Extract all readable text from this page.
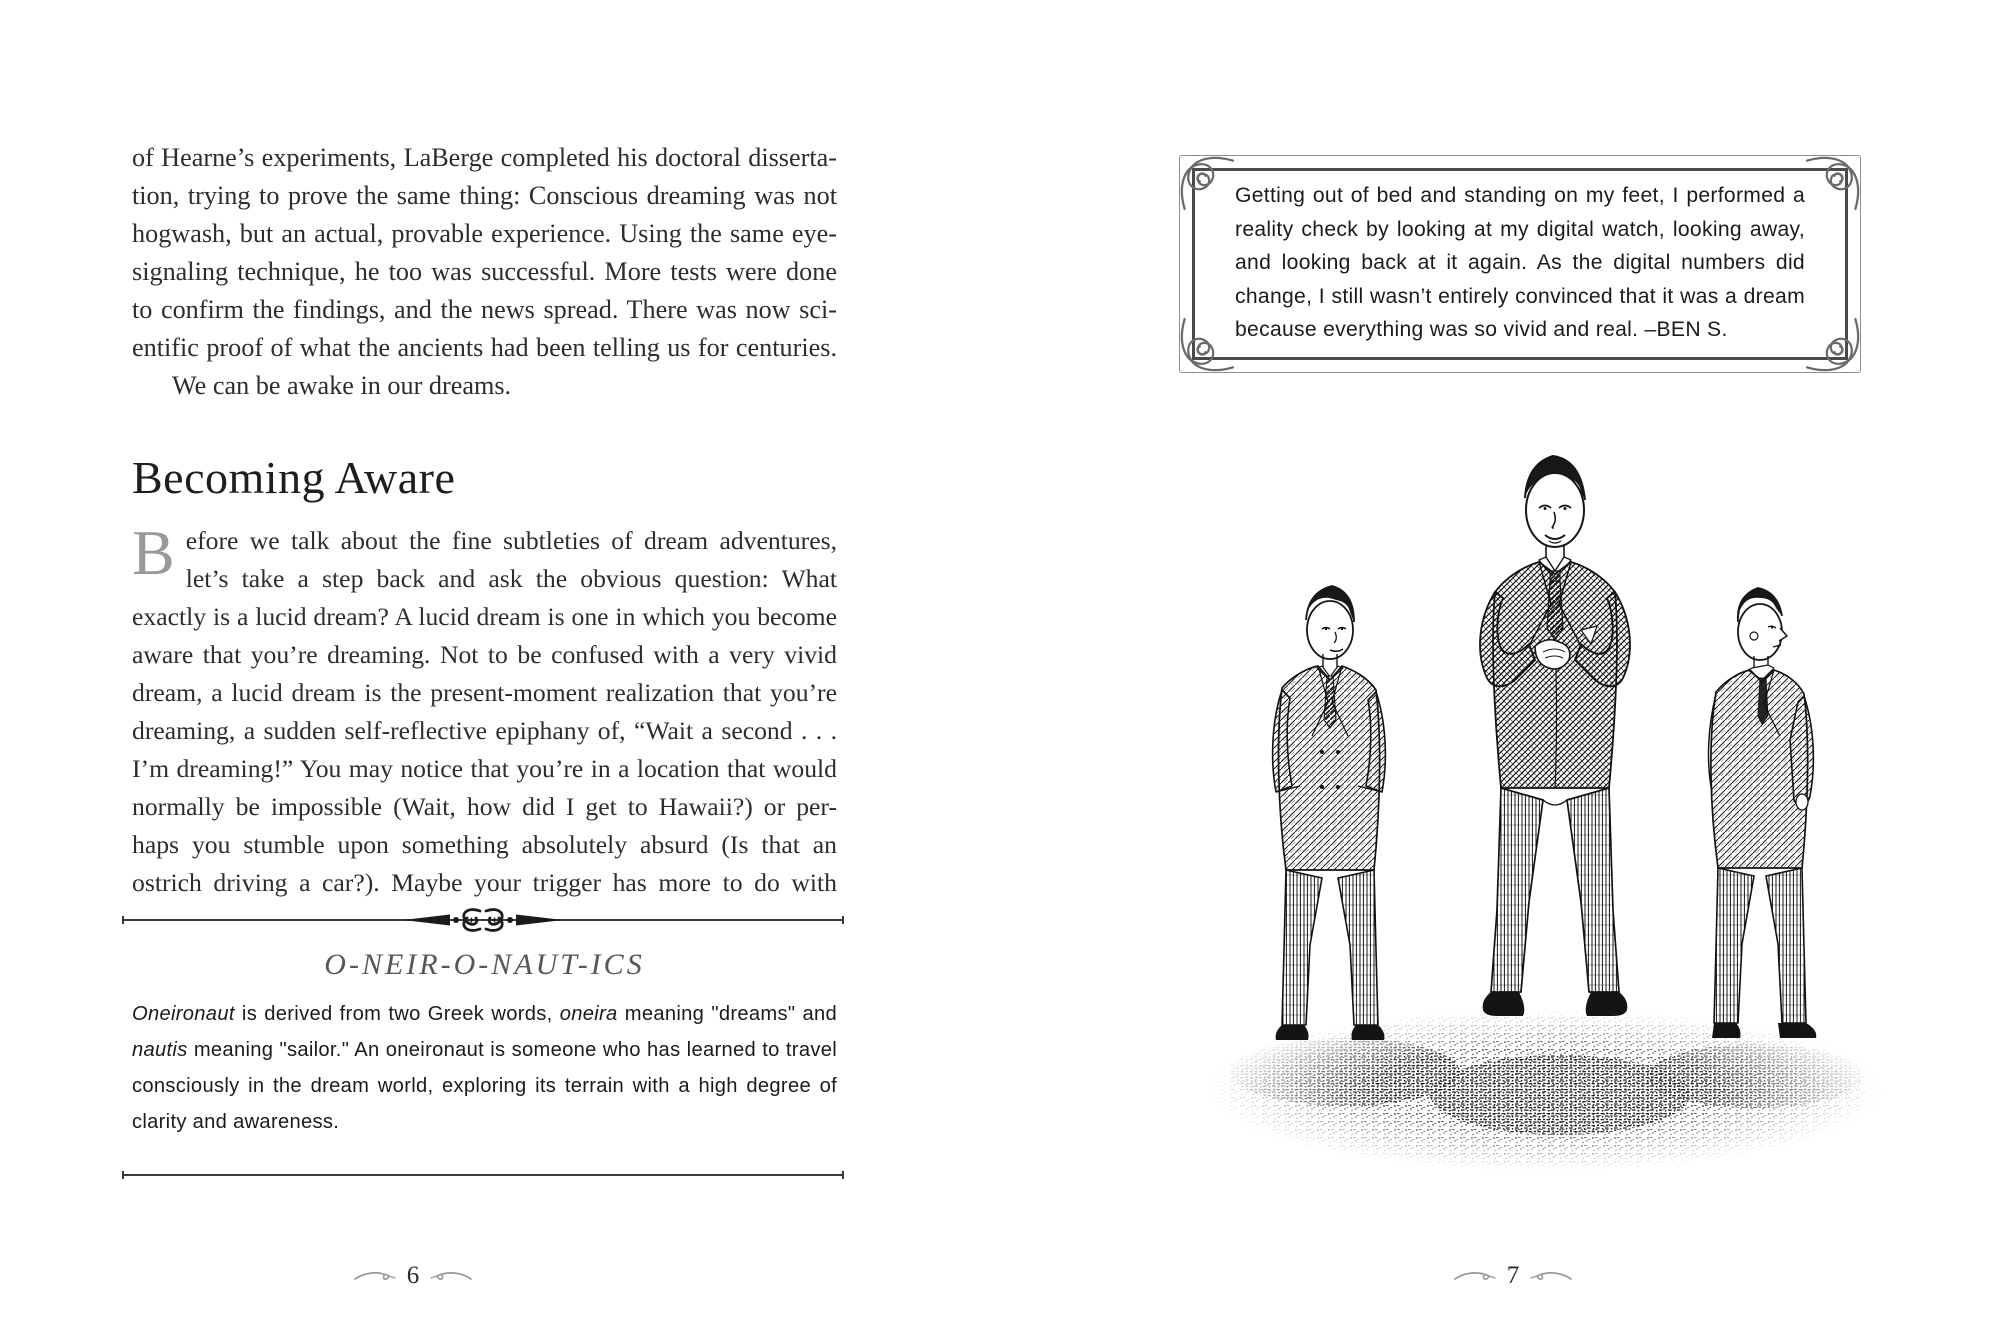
of Hearne’s experiments, LaBerge completed his doctoral disserta-
tion, trying to prove the same thing: Conscious dreaming was not
hogwash, but an actual, provable experience. Using the same eye-
signaling technique, he too was successful. More tests were done
to confirm the findings, and the news spread. There was now sci-
entific proof of what the ancients had been telling us for centuries.
We can be awake in our dreams.
Becoming Aware
B efore we talk about the fine subtleties of dream adventures,
let’s take a step back and ask the obvious question: What
exactly is a lucid dream? A lucid dream is one in which you become
aware that you’re dreaming. Not to be confused with a very vivid
dream, a lucid dream is the present-moment realization that you’re
dreaming, a sudden self-reflective epiphany of, “Wait a second . . .
I’m dreaming!” You may notice that you’re in a location that would
normally be impossible (Wait, how did I get to Hawaii?) or per-
haps you stumble upon something absolutely absurd (Is that an
ostrich driving a car?). Maybe your trigger has more to do with
O-NEIR-O-NAUT-ICS
Oneironaut is derived from two Greek words, oneira meaning "dreams" and
nautis meaning "sailor." An oneironaut is someone who has learned to travel
consciously in the dream world, exploring its terrain with a high degree of
clarity and awareness.
6
Getting out of bed and standing on my feet, I performed a
reality check by looking at my digital watch, looking away,
and looking back at it again. As the digital numbers did
change, I still wasn’t entirely convinced that it was a dream
because everything was so vivid and real. –BEN S.
7
